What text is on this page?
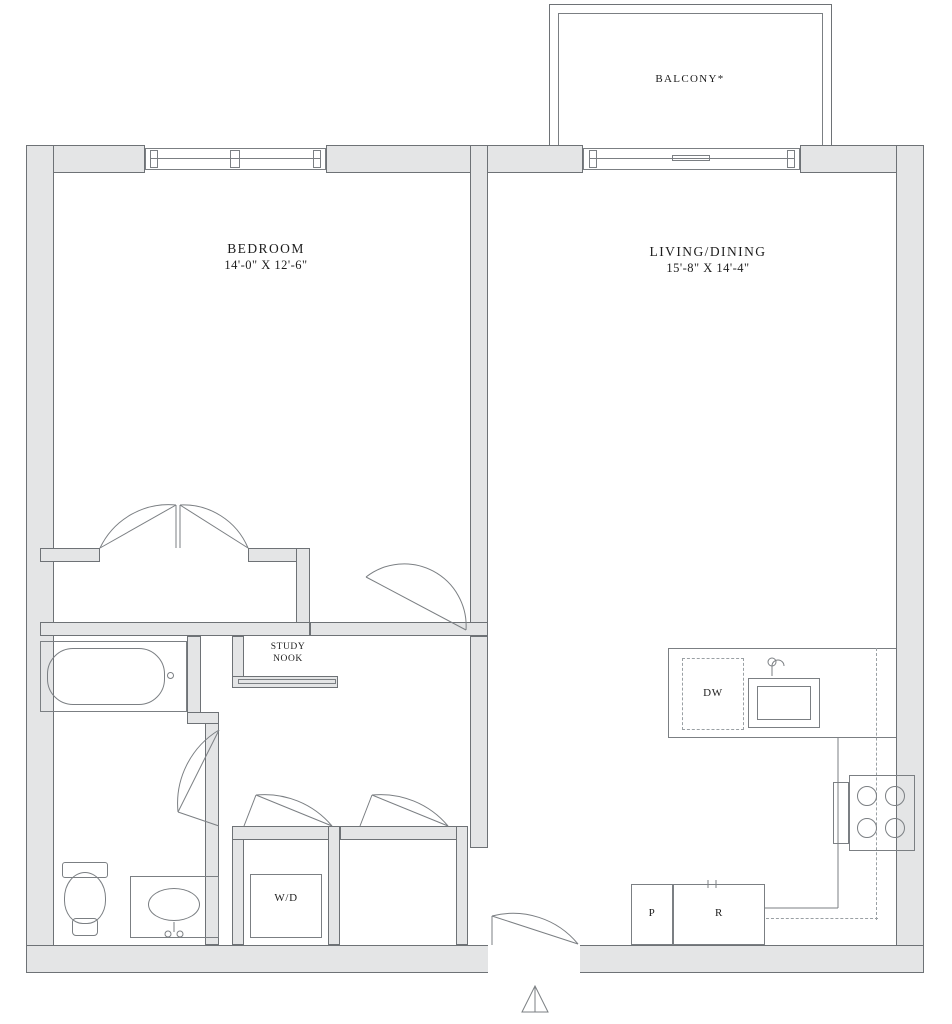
BALCONY*
BEDROOM
14'-0" X 12'-6"
LIVING/DINING
15'-8" X 14'-4"
STUDY
NOOK
W/D
DW
P	R
